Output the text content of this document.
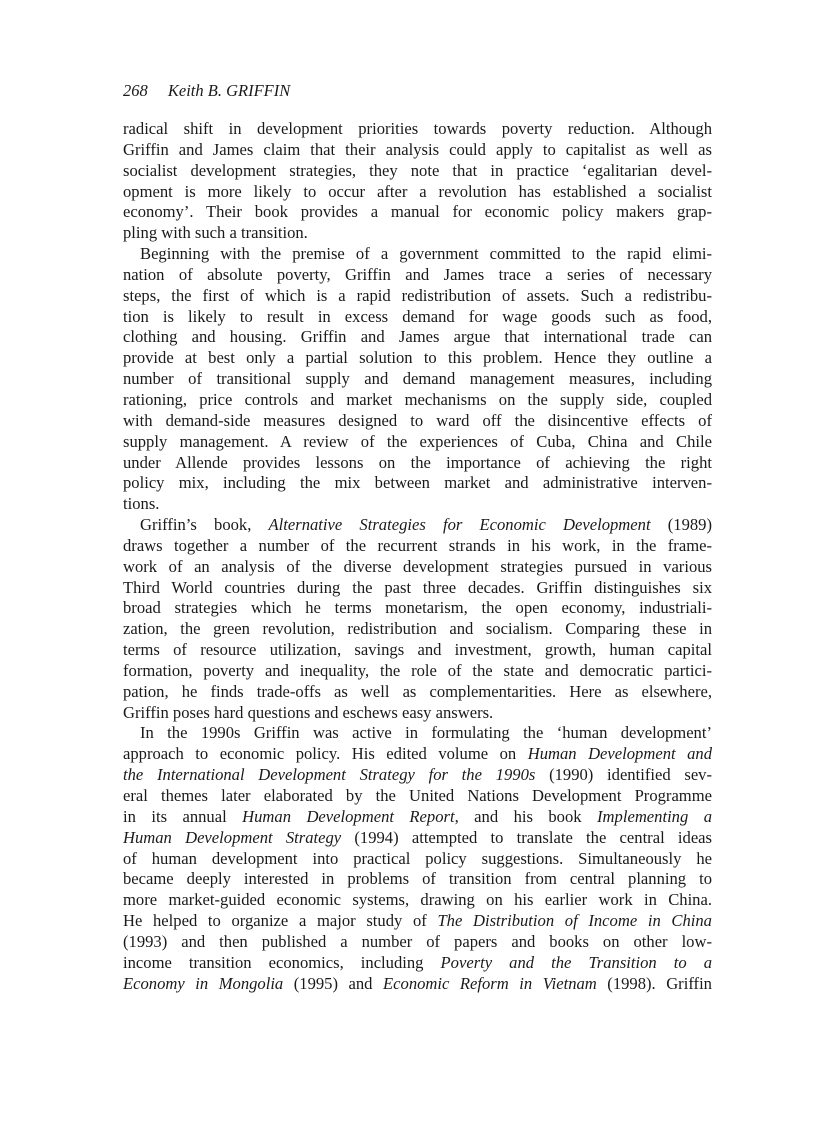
268 Keith B. GRIFFIN
radical shift in development priorities towards poverty reduction. Although
Griffin and James claim that their analysis could apply to capitalist as well as
socialist development strategies, they note that in practice ‘egalitarian devel-
opment is more likely to occur after a revolution has established a socialist
economy’. Their book provides a manual for economic policy makers grap-
pling with such a transition.
Beginning with the premise of a government committed to the rapid elimi-
nation of absolute poverty, Griffin and James trace a series of necessary
steps, the first of which is a rapid redistribution of assets. Such a redistribu-
tion is likely to result in excess demand for wage goods such as food,
clothing and housing. Griffin and James argue that international trade can
provide at best only a partial solution to this problem. Hence they outline a
number of transitional supply and demand management measures, including
rationing, price controls and market mechanisms on the supply side, coupled
with demand-side measures designed to ward off the disincentive effects of
supply management. A review of the experiences of Cuba, China and Chile
under Allende provides lessons on the importance of achieving the right
policy mix, including the mix between market and administrative interven-
tions.
Griffin’s book, Alternative Strategies for Economic Development (1989)
draws together a number of the recurrent strands in his work, in the frame-
work of an analysis of the diverse development strategies pursued in various
Third World countries during the past three decades. Griffin distinguishes six
broad strategies which he terms monetarism, the open economy, industriali-
zation, the green revolution, redistribution and socialism. Comparing these in
terms of resource utilization, savings and investment, growth, human capital
formation, poverty and inequality, the role of the state and democratic partici-
pation, he finds trade-offs as well as complementarities. Here as elsewhere,
Griffin poses hard questions and eschews easy answers.
In the 1990s Griffin was active in formulating the ‘human development’
approach to economic policy. His edited volume on Human Development and
the International Development Strategy for the 1990s (1990) identified sev-
eral themes later elaborated by the United Nations Development Programme
in its annual Human Development Report, and his book Implementing a
Human Development Strategy (1994) attempted to translate the central ideas
of human development into practical policy suggestions. Simultaneously he
became deeply interested in problems of transition from central planning to
more market-guided economic systems, drawing on his earlier work in China.
He helped to organize a major study of The Distribution of Income in China
(1993) and then published a number of papers and books on other low-
income transition economics, including Poverty and the Transition to a
Economy in Mongolia (1995) and Economic Reform in Vietnam (1998). Griffin
